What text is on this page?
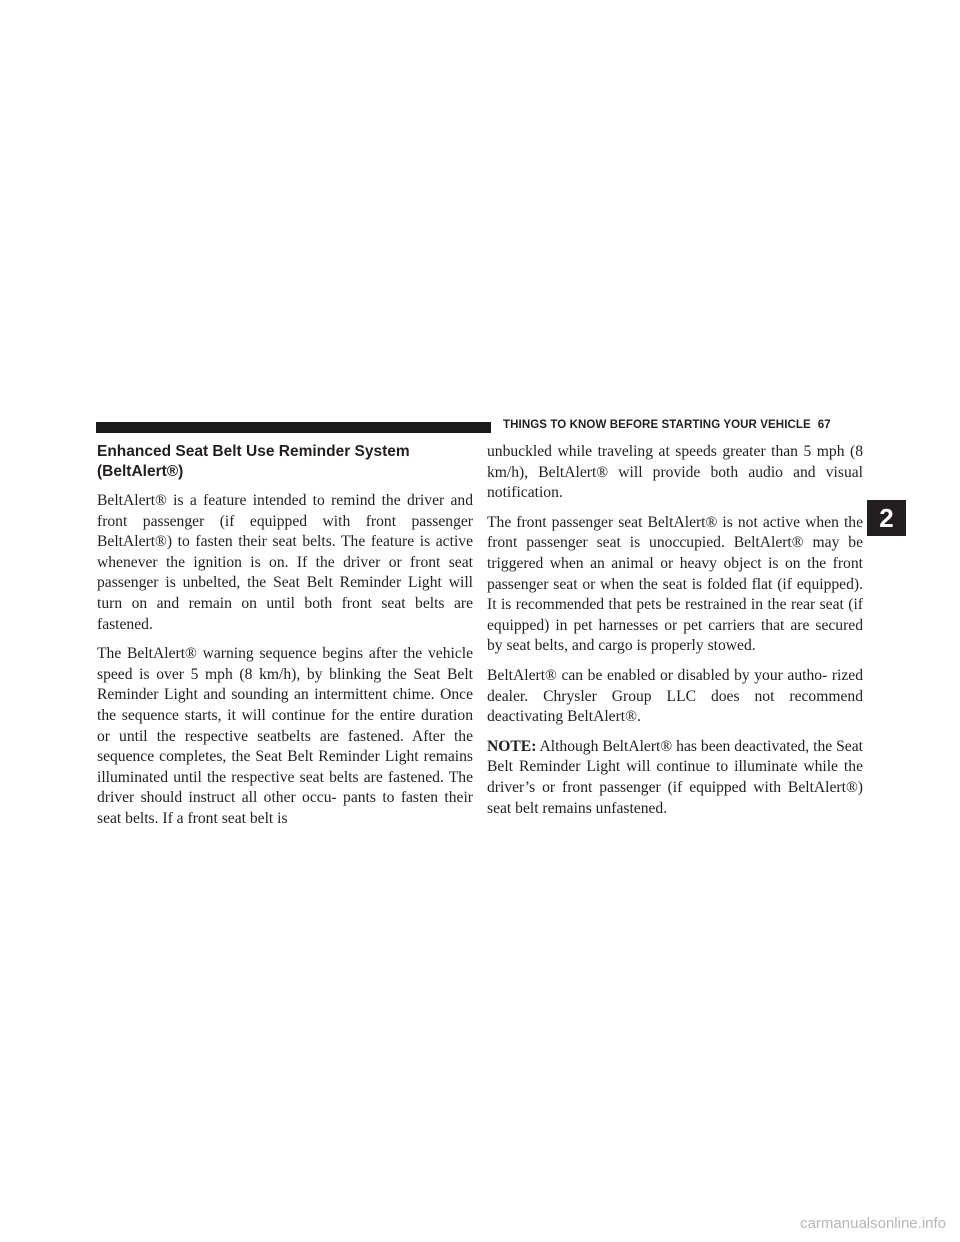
THINGS TO KNOW BEFORE STARTING YOUR VEHICLE 67
Enhanced Seat Belt Use Reminder System (BeltAlert®)

BeltAlert® is a feature intended to remind the driver and front passenger (if equipped with front passenger BeltAlert®) to fasten their seat belts. The feature is active whenever the ignition is on. If the driver or front seat passenger is unbelted, the Seat Belt Reminder Light will turn on and remain on until both front seat belts are fastened.

The BeltAlert® warning sequence begins after the vehicle speed is over 5 mph (8 km/h), by blinking the Seat Belt Reminder Light and sounding an intermittent chime. Once the sequence starts, it will continue for the entire duration or until the respective seatbelts are fastened. After the sequence completes, the Seat Belt Reminder Light remains illuminated until the respective seat belts are fastened. The driver should instruct all other occu- pants to fasten their seat belts. If a front seat belt is

unbuckled while traveling at speeds greater than 5 mph (8 km/h), BeltAlert® will provide both audio and visual notification.

The front passenger seat BeltAlert® is not active when the front passenger seat is unoccupied. BeltAlert® may be triggered when an animal or heavy object is on the front passenger seat or when the seat is folded flat (if equipped). It is recommended that pets be restrained in the rear seat (if equipped) in pet harnesses or pet carriers that are secured by seat belts, and cargo is properly stowed.

BeltAlert® can be enabled or disabled by your autho- rized dealer. Chrysler Group LLC does not recommend deactivating BeltAlert®.

NOTE: Although BeltAlert® has been deactivated, the Seat Belt Reminder Light will continue to illuminate while the driver’s or front passenger (if equipped with BeltAlert®) seat belt remains unfastened.

2
carmanualsonline.info
